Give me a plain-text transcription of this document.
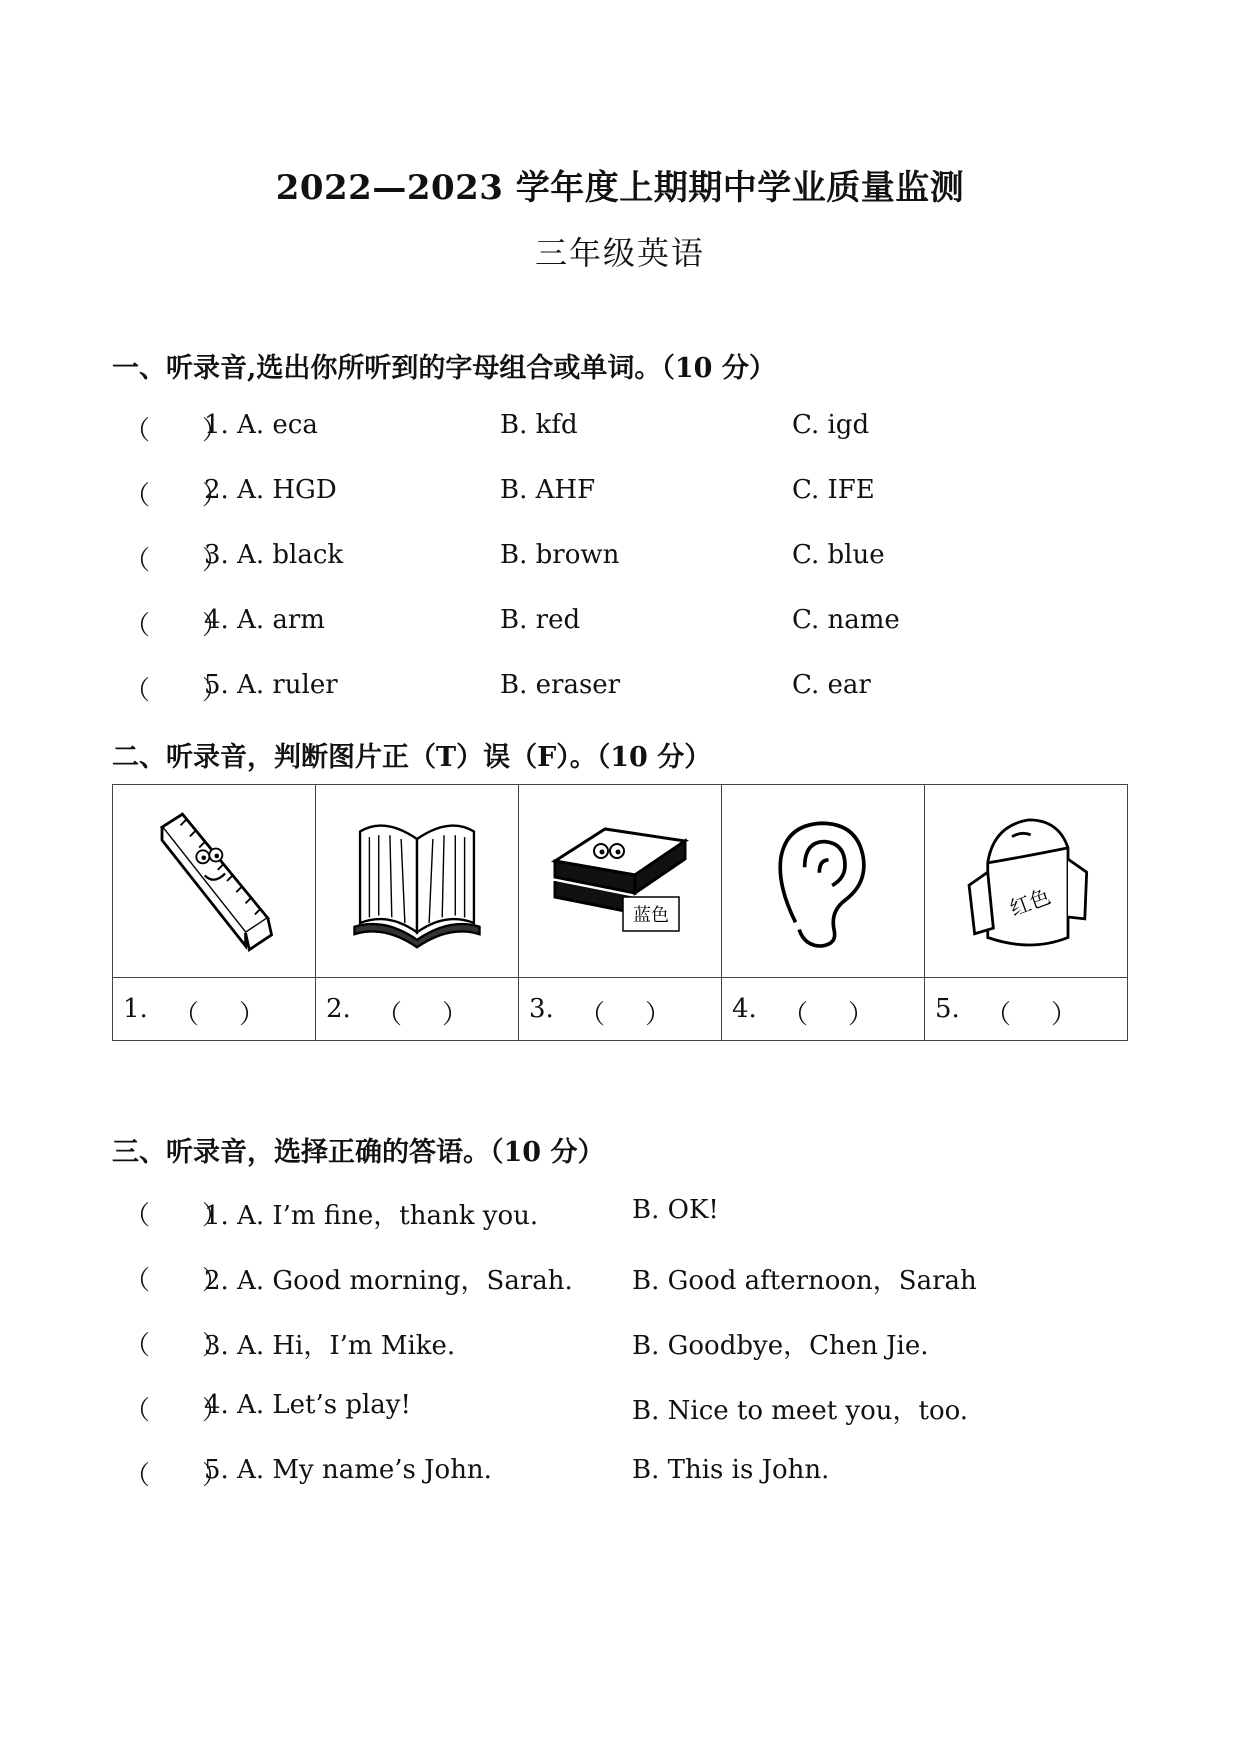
2022—2023 学年度上期期中学业质量监测
三年级英语
一、听录音,选出你所听到的字母组合或单词。（10 分）
（　　）
1. A. eca	B. kfd	C. igd
（　　）
2. A. HGD	B. AHF	C. IFE
（　　）
3. A. black	B. brown	C. blue
（　　）
4. A. arm	B. red	C. name
（　　）
5. A. ruler	B. eraser	C. ear
二、听录音，判断图片正（T）误（F）。（10 分）

蓝色		红色

1. （）	2. （）	3. （）	4. （）	5. （）
三、听录音，选择正确的答语。（10 分）
（　　）
1. A. I’m fine，thank you.	B. OK!
（　　）
2. A. Good morning，Sarah. B. Good afternoon，Sarah
（　　）
3. A. Hi，I’m Mike.	B. Goodbye，Chen Jie.
（　　）
4. A. Let’s play!	B. Nice to meet you，too.
（　　）
5. A. My name’s John.	B. This is John.
